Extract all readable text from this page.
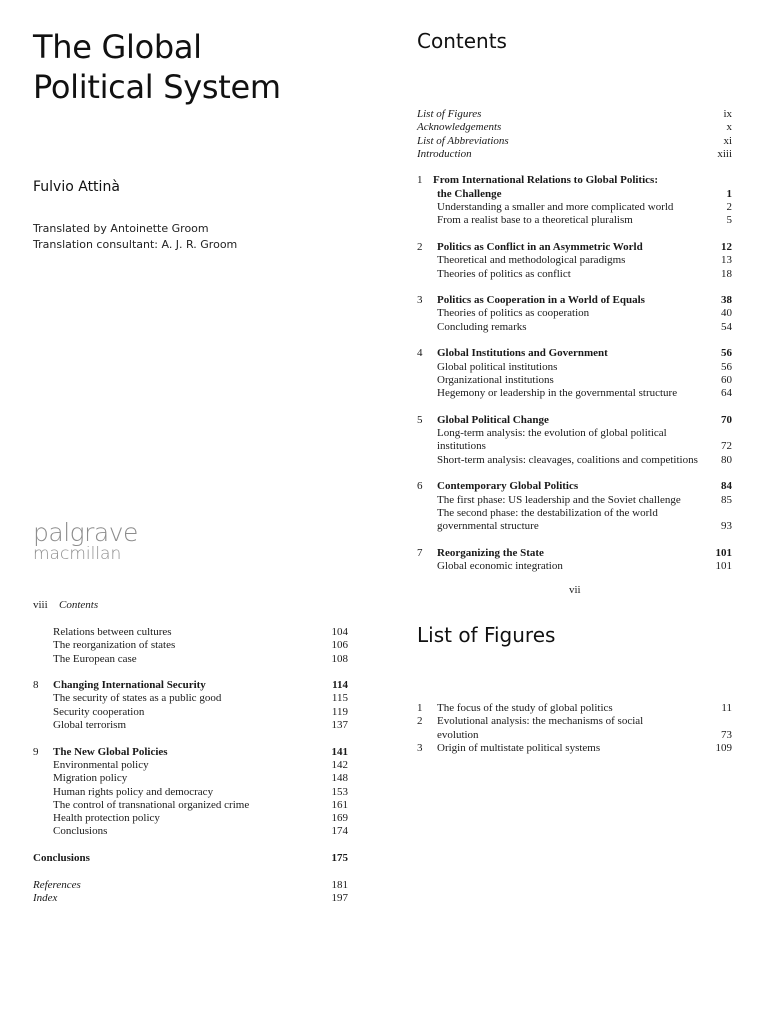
The Global
Political System

Fulvio Attinà

Translated by Antoinette Groom
Translation consultant: A. J. R. Groom

palgrave
macmillan
Contents
List of Figures	ix
Acknowledgements	x
List of Abbreviations	xi
Introduction	xiii
1 From International Relations to Global Politics:
the Challenge	1
Understanding a smaller and more complicated world	2
From a realist base to a theoretical pluralism	5
2 Politics as Conflict in an Asymmetric World	12
Theoretical and methodological paradigms	13
Theories of politics as conflict	18
3 Politics as Cooperation in a World of Equals	38
Theories of politics as cooperation	40
Concluding remarks	54
4 Global Institutions and Government	56
Global political institutions	56
Organizational institutions	60
Hegemony or leadership in the governmental structure	64
5 Global Political Change	70
Long-term analysis: the evolution of global political
institutions	72
Short-term analysis: cleavages, coalitions and competitions 80
6 Contemporary Global Politics	84
The first phase: US leadership and the Soviet challenge	85
The second phase: the destabilization of the world
governmental structure	93
7 Reorganizing the State	101
Global economic integration	101
vii
viii Contents
Relations between cultures	104
The reorganization of states	106
The European case	108
8 Changing International Security	114
The security of states as a public good	115
Security cooperation	119
Global terrorism	137
9 The New Global Policies	141
Environmental policy	142
Migration policy	148
Human rights policy and democracy	153
The control of transnational organized crime	161
Health protection policy	169
Conclusions	174
Conclusions	175
References	181
Index	197
List of Figures
1 The focus of the study of global politics	11
2 Evolutional analysis: the mechanisms of social
evolution	73
3 Origin of multistate political systems	109
